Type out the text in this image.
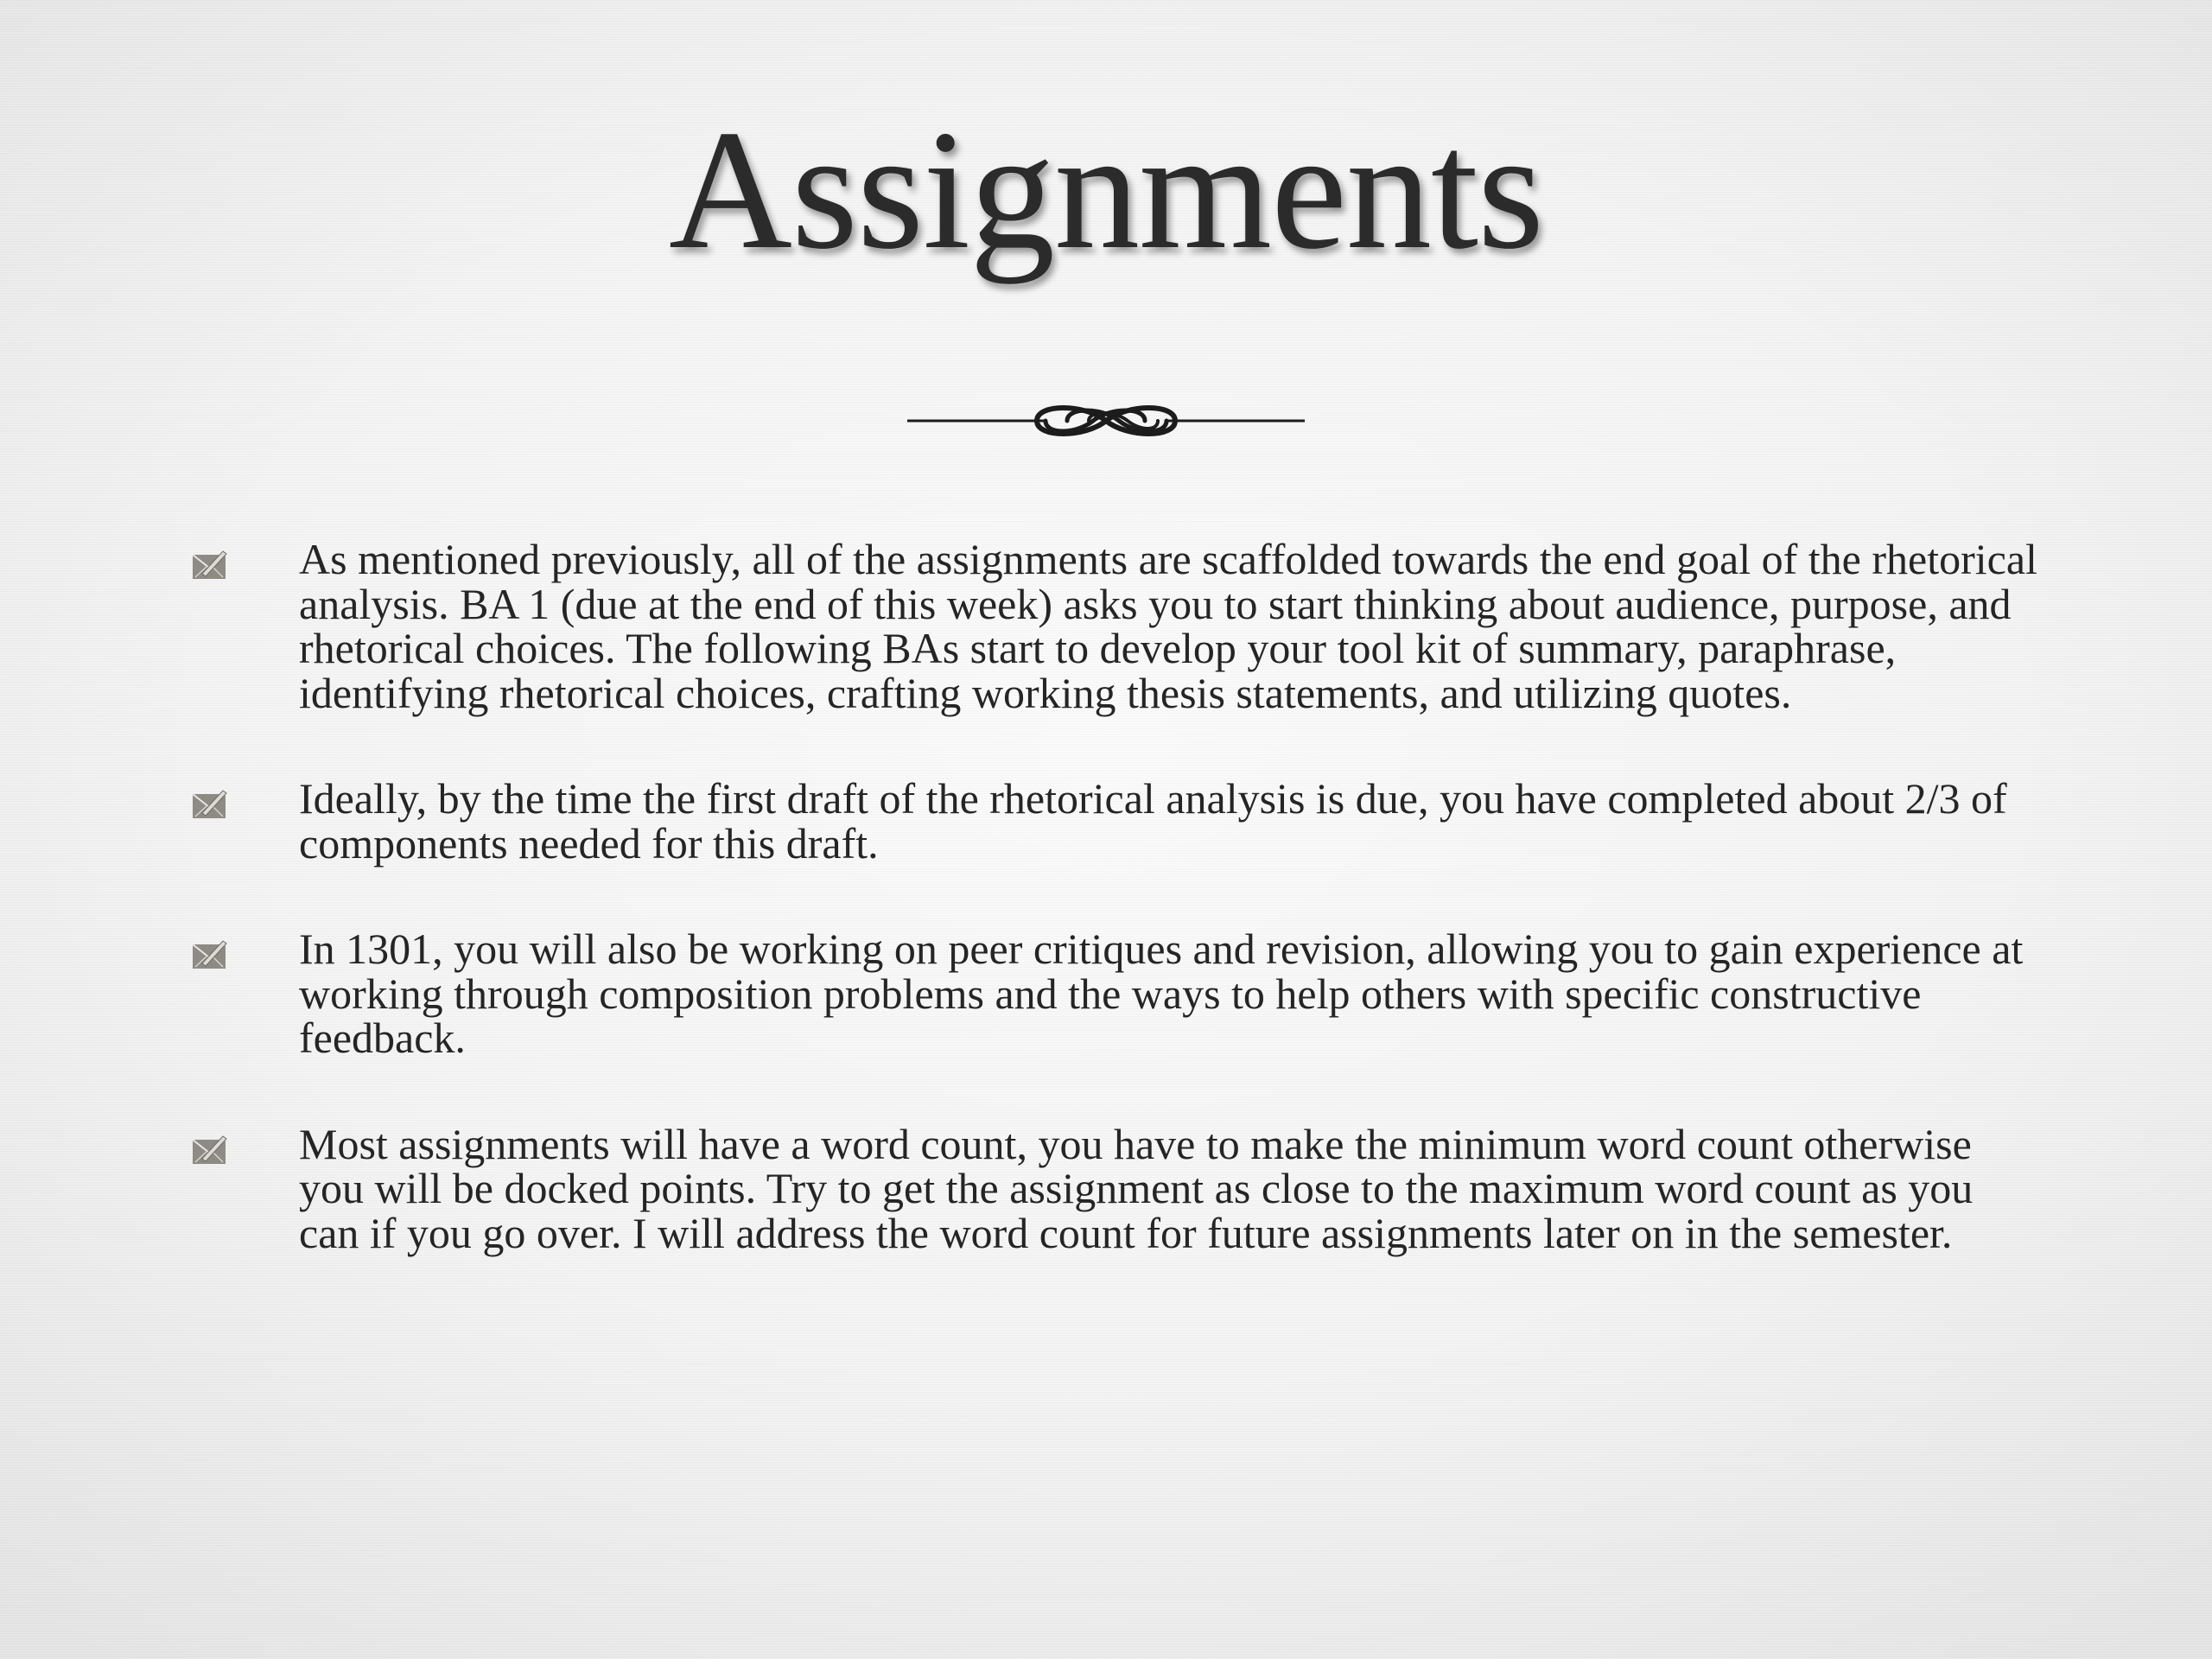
Assignments
As mentioned previously, all of the assignments are scaffolded towards the end goal of the rhetorical analysis. BA 1 (due at the end of this week) asks you to start thinking about audience, purpose, and rhetorical choices. The following BAs start to develop your tool kit of summary, paraphrase, identifying rhetorical choices, crafting working thesis statements, and utilizing quotes.
Ideally, by the time the first draft of the rhetorical analysis is due, you have completed about 2/3 of components needed for this draft.
In 1301, you will also be working on peer critiques and revision, allowing you to gain experience at working through composition problems and the ways to help others with specific constructive feedback.
Most assignments will have a word count, you have to make the minimum word count otherwise you will be docked points. Try to get the assignment as close to the maximum word count as you can if you go over. I will address the word count for future assignments later on in the semester.
